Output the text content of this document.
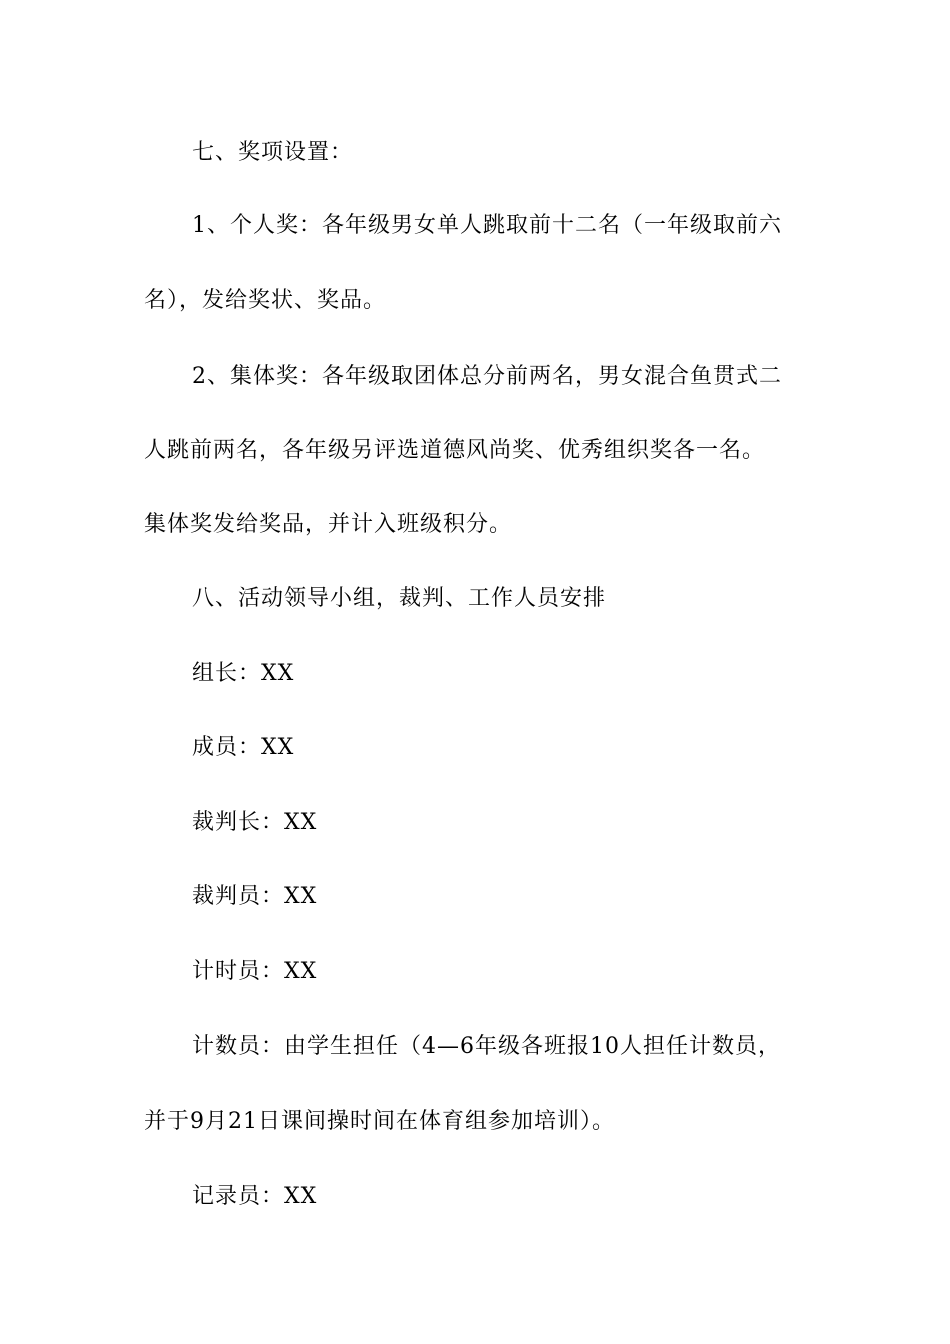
七、奖项设置：
1、个人奖：各年级男女单人跳取前十二名（一年级取前六
名），发给奖状、奖品。
2、集体奖：各年级取团体总分前两名，男女混合鱼贯式二
人跳前两名，各年级另评选道德风尚奖、优秀组织奖各一名。
集体奖发给奖品，并计入班级积分。
八、活动领导小组，裁判、工作人员安排
组长：XX
成员：XX
裁判长：XX
裁判员：XX
计时员：XX
计数员：由学生担任（4—6年级各班报10人担任计数员，
并于9月21日课间操时间在体育组参加培训）。
记录员：XX
